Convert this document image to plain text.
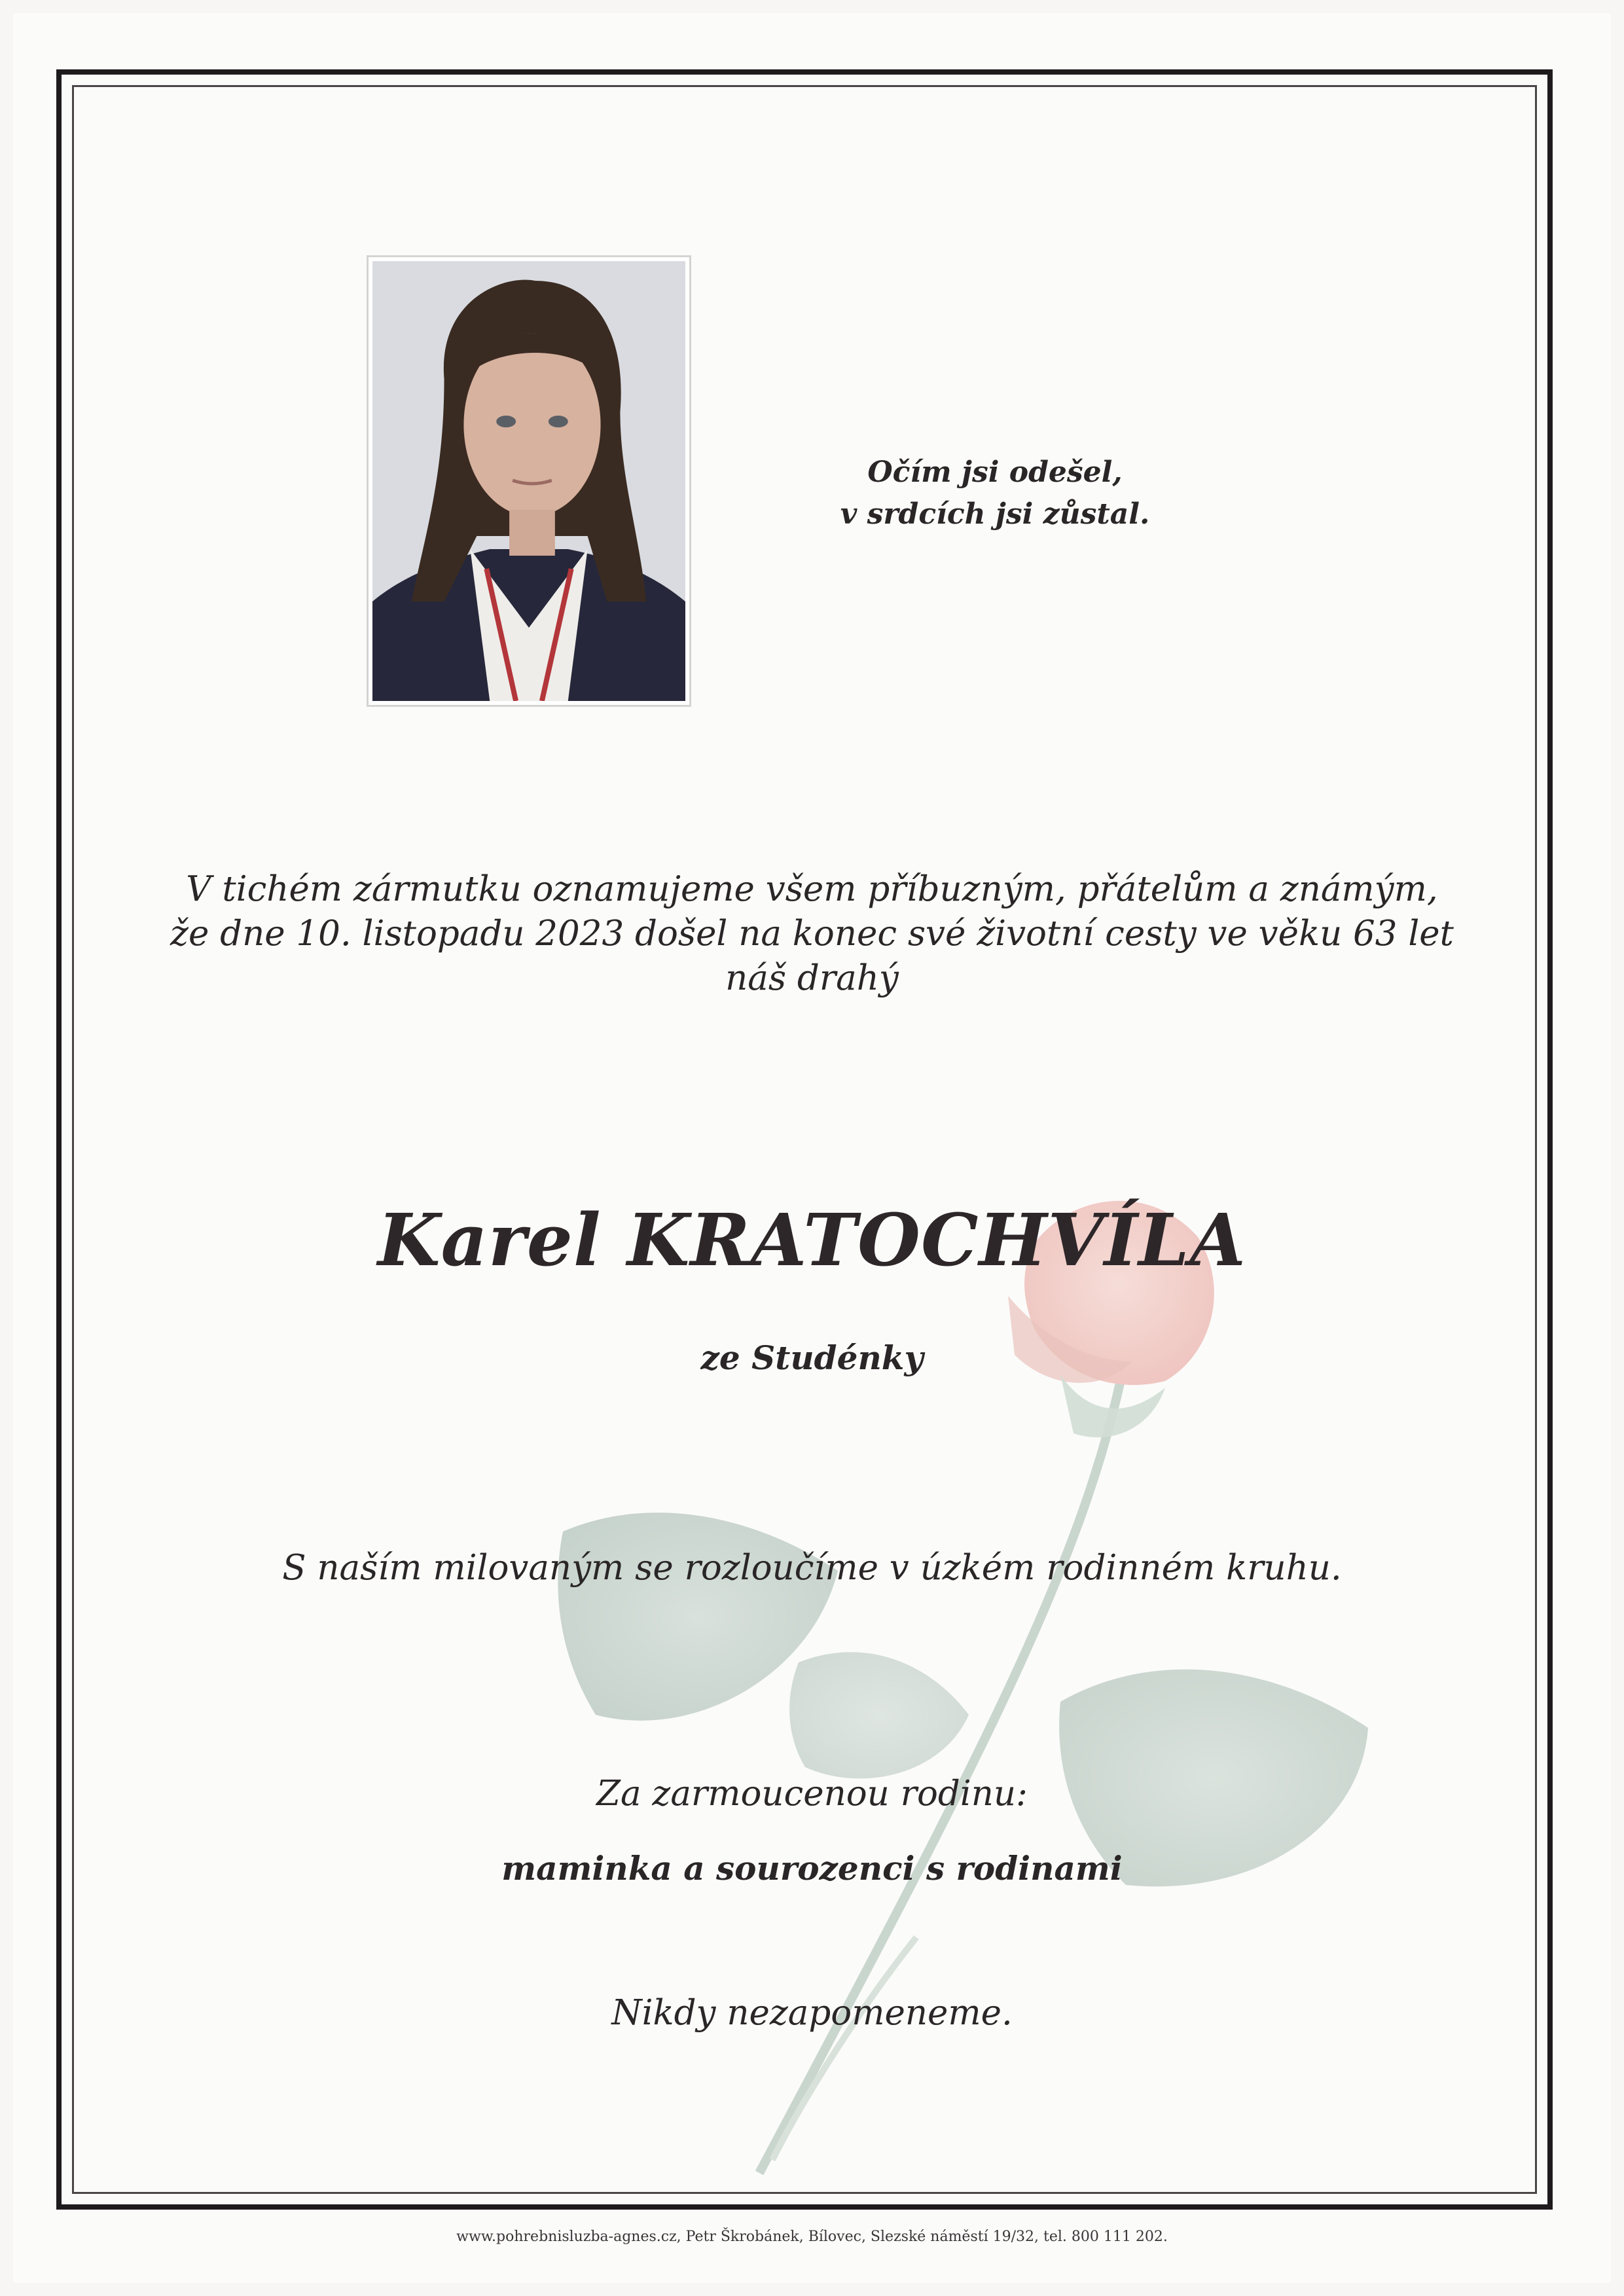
Očím jsi odešel,
v srdcích jsi zůstal.
V tichém zármutku oznamujeme všem příbuzným, přátelům a známým,
že dne 10. listopadu 2023 došel na konec své životní cesty ve věku 63 let
náš drahý
Karel KRATOCHVÍLA
ze Studénky
S naším milovaným se rozloučíme v úzkém rodinném kruhu.
Za zarmoucenou rodinu:
maminka a sourozenci s rodinami
Nikdy nezapomeneme.
www.pohrebnisluzba-agnes.cz, Petr Škrobánek, Bílovec, Slezské náměstí 19/32, tel. 800 111 202.
